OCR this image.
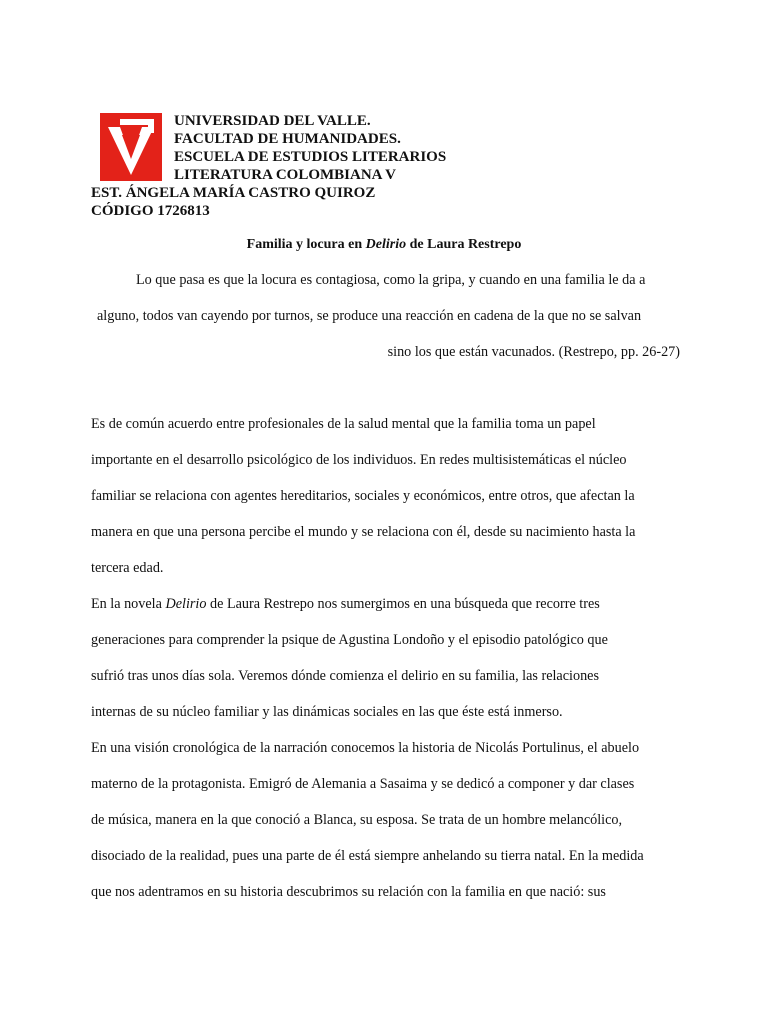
UNIVERSIDAD DEL VALLE.
FACULTAD DE HUMANIDADES.
ESCUELA DE ESTUDIOS LITERARIOS
LITERATURA COLOMBIANA V
EST. ÁNGELA MARÍA CASTRO QUIROZ
CÓDIGO 1726813
Familia y locura en Delirio de Laura Restrepo
Lo que pasa es que la locura es contagiosa, como la gripa, y cuando en una familia le da a
alguno, todos van cayendo por turnos, se produce una reacción en cadena de la que no se salvan
sino los que están vacunados. (Restrepo, pp. 26-27)
Es de común acuerdo entre profesionales de la salud mental que la familia toma un papel
importante en el desarrollo psicológico de los individuos. En redes multisistemáticas el núcleo
familiar se relaciona con agentes hereditarios, sociales y económicos, entre otros, que afectan la
manera en que una persona percibe el mundo y se relaciona con él, desde su nacimiento hasta la
tercera edad.
En la novela Delirio de Laura Restrepo nos sumergimos en una búsqueda que recorre tres
generaciones para comprender la psique de Agustina Londoño y el episodio patológico que
sufrió tras unos días sola. Veremos dónde comienza el delirio en su familia, las relaciones
internas de su núcleo familiar y las dinámicas sociales en las que éste está inmerso.
En una visión cronológica de la narración conocemos la historia de Nicolás Portulinus, el abuelo
materno de la protagonista. Emigró de Alemania a Sasaima y se dedicó a componer y dar clases
de música, manera en la que conoció a Blanca, su esposa. Se trata de un hombre melancólico,
disociado de la realidad, pues una parte de él está siempre anhelando su tierra natal. En la medida
que nos adentramos en su historia descubrimos su relación con la familia en que nació: sus
